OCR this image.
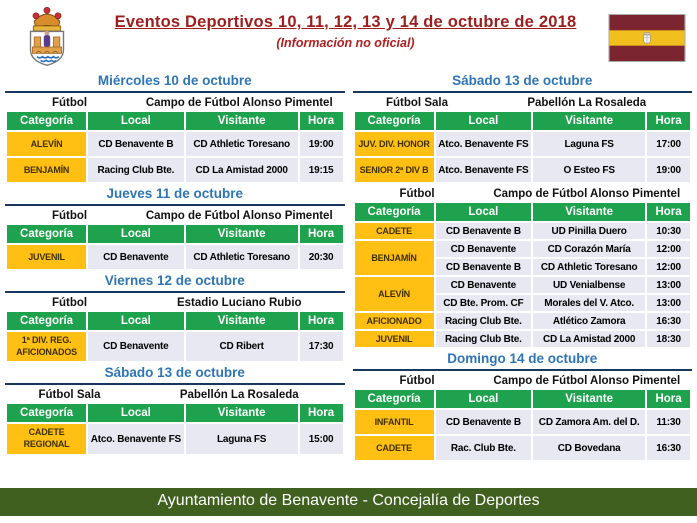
Eventos Deportivos 10, 11, 12, 13 y 14 de octubre de 2018
(Información no oficial)
Miércoles 10 de octubre
Fútbol	Campo de Fútbol Alonso Pimentel
Categoría	Local	Visitante	Hora
ALEVÍN	CD Benavente B	CD Athletic Toresano	19:00
BENJAMÍN	Racing Club Bte.	CD La Amistad 2000	19:15
Jueves 11 de octubre
Fútbol	Campo de Fútbol Alonso Pimentel
Categoría	Local	Visitante	Hora
JUVENIL	CD Benavente	CD Athletic Toresano	20:30
Viernes 12 de octubre
Fútbol	Estadio Luciano Rubio
Categoría	Local	Visitante	Hora
1ª DIV. REG. AFICIONADOS	CD Benavente	CD Ribert	17:30
Sábado 13 de octubre
Fútbol Sala	Pabellón La Rosaleda
Categoría	Local	Visitante	Hora
CADETE REGIONAL	Atco. Benavente FS	Laguna FS	15:00
Sábado 13 de octubre
Fútbol Sala	Pabellón La Rosaleda
Categoría	Local	Visitante	Hora
JUV. DIV. HONOR	Atco. Benavente FS	Laguna FS	17:00
SENIOR 2ª DIV B	Atco. Benavente FS	O Esteo FS	19:00
Fútbol	Campo de Fútbol Alonso Pimentel
Categoría	Local	Visitante	Hora
CADETE	CD Benavente B	UD Pinilla Duero	10:30
BENJAMÍN	CD Benavente	CD Corazón María	12:00
	CD Benavente B	CD Athletic Toresano	12:00
ALEVÍN	CD Benavente	UD Venialbense	13:00
	CD Bte. Prom. CF	Morales del V. Atco.	13:00
AFICIONADO	Racing Club Bte.	Atlético Zamora	16:30
JUVENIL	Racing Club Bte.	CD La Amistad 2000	18:30
Domingo 14 de octubre
Fútbol	Campo de Fútbol Alonso Pimentel
Categoría	Local	Visitante	Hora
INFANTIL	CD Benavente B	CD Zamora Am. del D.	11:30
CADETE	Rac. Club Bte.	CD Bovedana	16:30
Ayuntamiento de Benavente - Concejalía de Deportes
